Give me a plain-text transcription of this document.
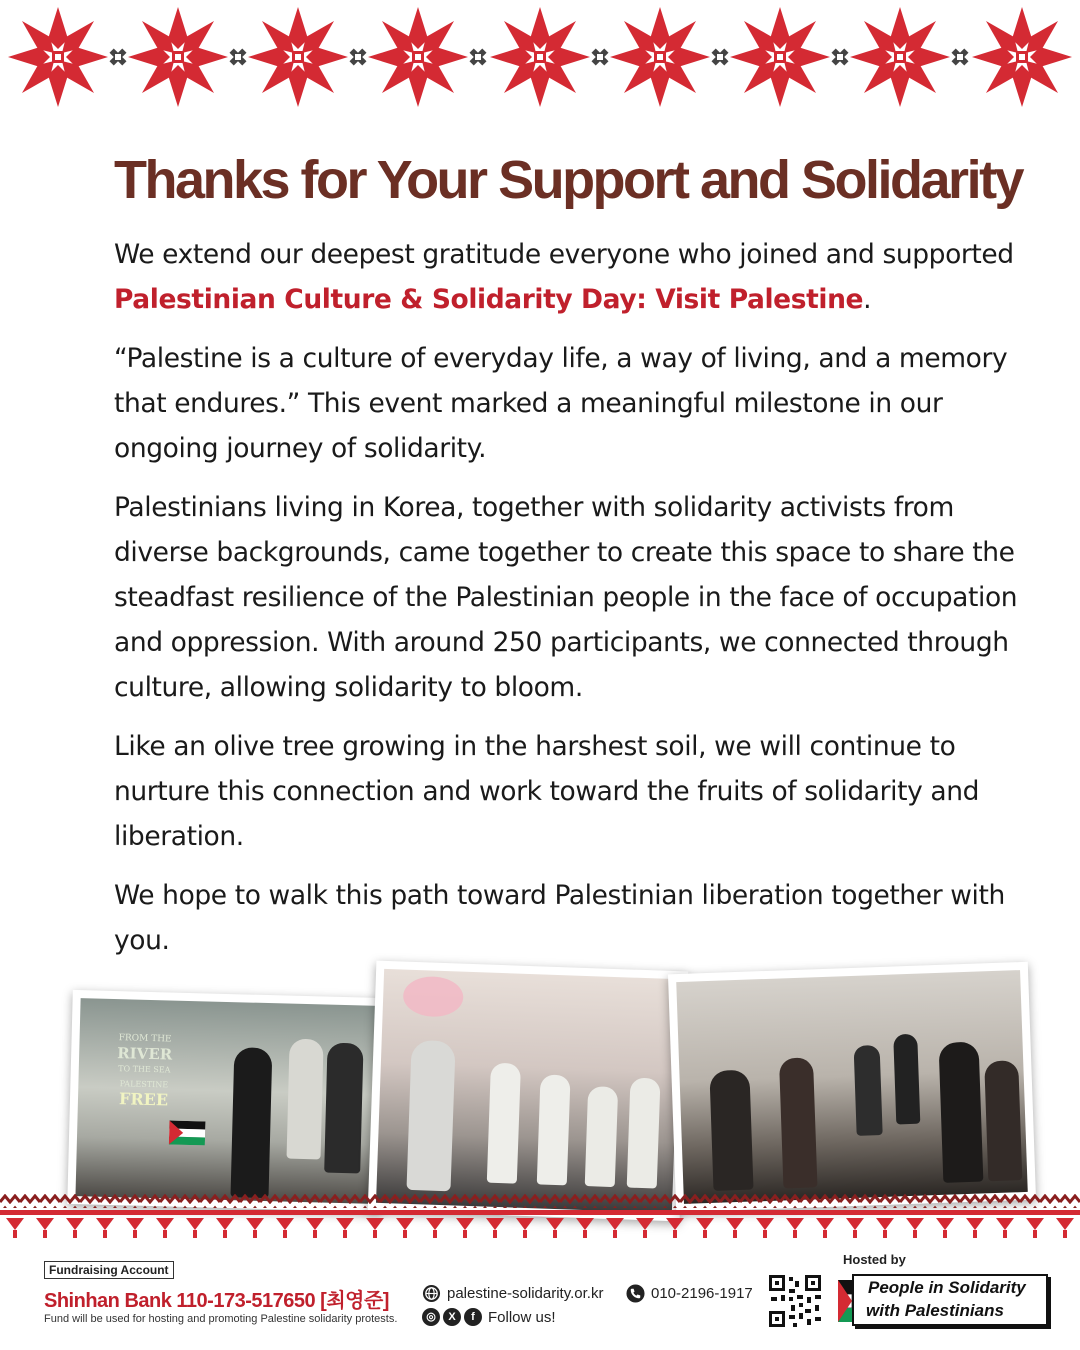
Thanks for Your Support and Solidarity

We extend our deepest gratitude everyone who joined and supported Palestinian Culture & Solidarity Day: Visit Palestine.

“Palestine is a culture of everyday life, a way of living, and a memory that endures.” This event marked a meaningful milestone in our ongoing journey of solidarity.

Palestinians living in Korea, together with solidarity activists from diverse backgrounds, came together to create this space to share the steadfast resilience of the Palestinian people in the face of occupation and oppression. With around 250 participants, we connected through culture, allowing solidarity to bloom.

Like an olive tree growing in the harshest soil, we will continue to nurture this connection and work toward the fruits of solidarity and liberation.

We hope to walk this path toward Palestinian liberation together with you.

FROM THE
RIVER
TO THE SEA
PALESTINE
FREE
Fundraising Account
Shinhan Bank 110-173-517650 [최영준]
Fund will be used for hosting and promoting Palestine solidarity protests.
palestine-solidarity.or.kr	010-2196-1917
◎	X	f Follow us!
Hosted by
People in Solidarity
with Palestinians
